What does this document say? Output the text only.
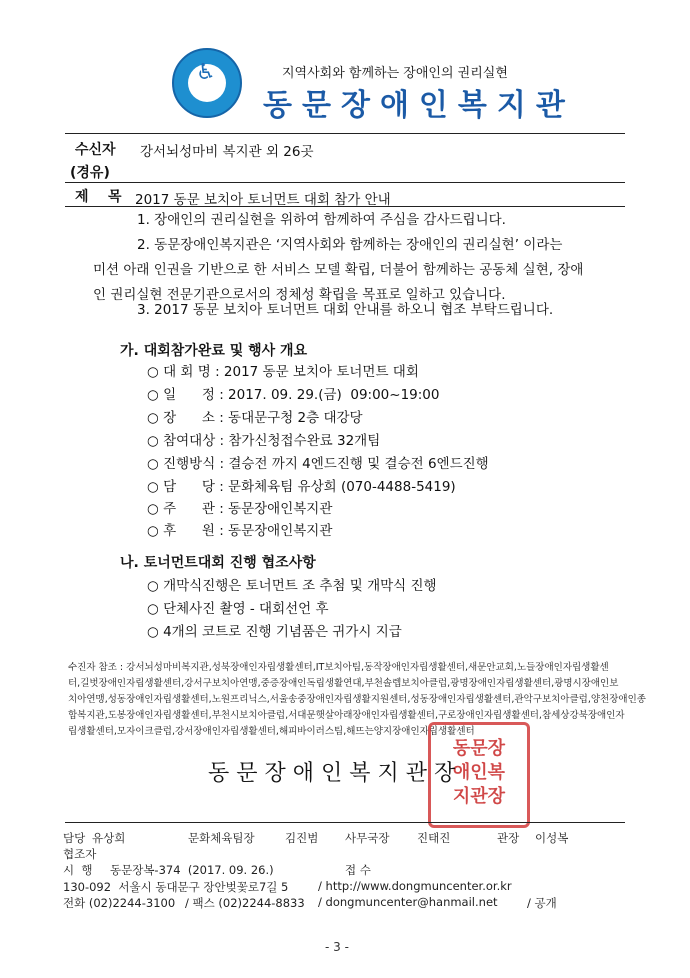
♿	지역사회와 함께하는 장애인의 권리실현
동문장애인복지관
수신자 강서뇌성마비 복지관 외 26곳
(경유)
제    목 2017 동문 보치아 토너먼트 대회 참가 안내
1. 장애인의 권리실현을 위하여 함께하여 주심을 감사드립니다.
2. 동문장애인복지관은 ‘지역사회와 함께하는 장애인의 권리실현’ 이라는
미션 아래 인권을 기반으로 한 서비스 모델 확립, 더불어 함께하는 공동체 실현, 장애
인 권리실현 전문기관으로서의 정체성 확립을 목표로 일하고 있습니다.
3. 2017 동문 보치아 토너먼트 대회 안내를 하오니 협조 부탁드립니다.
가. 대회참가완료 및 행사 개요
○ 대 회 명 : 2017 동문 보치아 토너먼트 대회
○ 일      정 : 2017. 09. 29.(금)  09:00~19:00
○ 장      소 : 동대문구청 2층 대강당
○ 참여대상 : 참가신청접수완료 32개팀
○ 진행방식 : 결승전 까지 4엔드진행 및 결승전 6엔드진행
○ 담      당 : 문화체육팀 유상희 (070-4488-5419)
○ 주      관 : 동문장애인복지관
○ 후      원 : 동문장애인복지관
나. 토너먼트대회 진행 협조사항
○ 개막식진행은 토너먼트 조 추첨 및 개막식 진행
○ 단체사진 촬영 - 대회선언 후
○ 4개의 코트로 진행 기념품은 귀가시 지급
수진자 참조 : 강서뇌성마비복지관,성북장애인자립생활센터,IT보치아팀,동작장애인자립생활센터,새문안교회,노들장애인자립생활센
터,길벗장애인자립생활센터,강서구보치아연맹,중증장애인독립생활연대,부천솔렙보치아클럽,광명장애인자립생활센터,광명시장애인보
치아연맹,성동장애인자립생활센터,노원프리닉스,서울송중장애인자립생활지원센터,성동장애인자립생활센터,관악구보치아클럽,양천장애인종
합복지관,도봉장애인자립생활센터,부천시보치아클럽,서대문햇살아래장애인자립생활센터,구로장애인자립생활센터,참세상강북장애인자
립생활센터,모자이크클럽,강서장애인자립생활센터,해피바이러스팀,해뜨는양지장애인자립생활센터
동문장
애인복
지관장
동문장애인복지관장
담당 유상희	문화체육팀장	김진범 사무국장 진태진	관장 이성복
협조자
시  행 동문장복-374  (2017. 09. 26.)	접 수
130-092  서울시 동대문구 장안벚꽃로7길 5	/ http://www.dongmuncenter.or.kr
전화 (02)2244-3100 / 팩스 (02)2244-8833 / dongmuncenter@hanmail.net	/ 공개
- 3 -
